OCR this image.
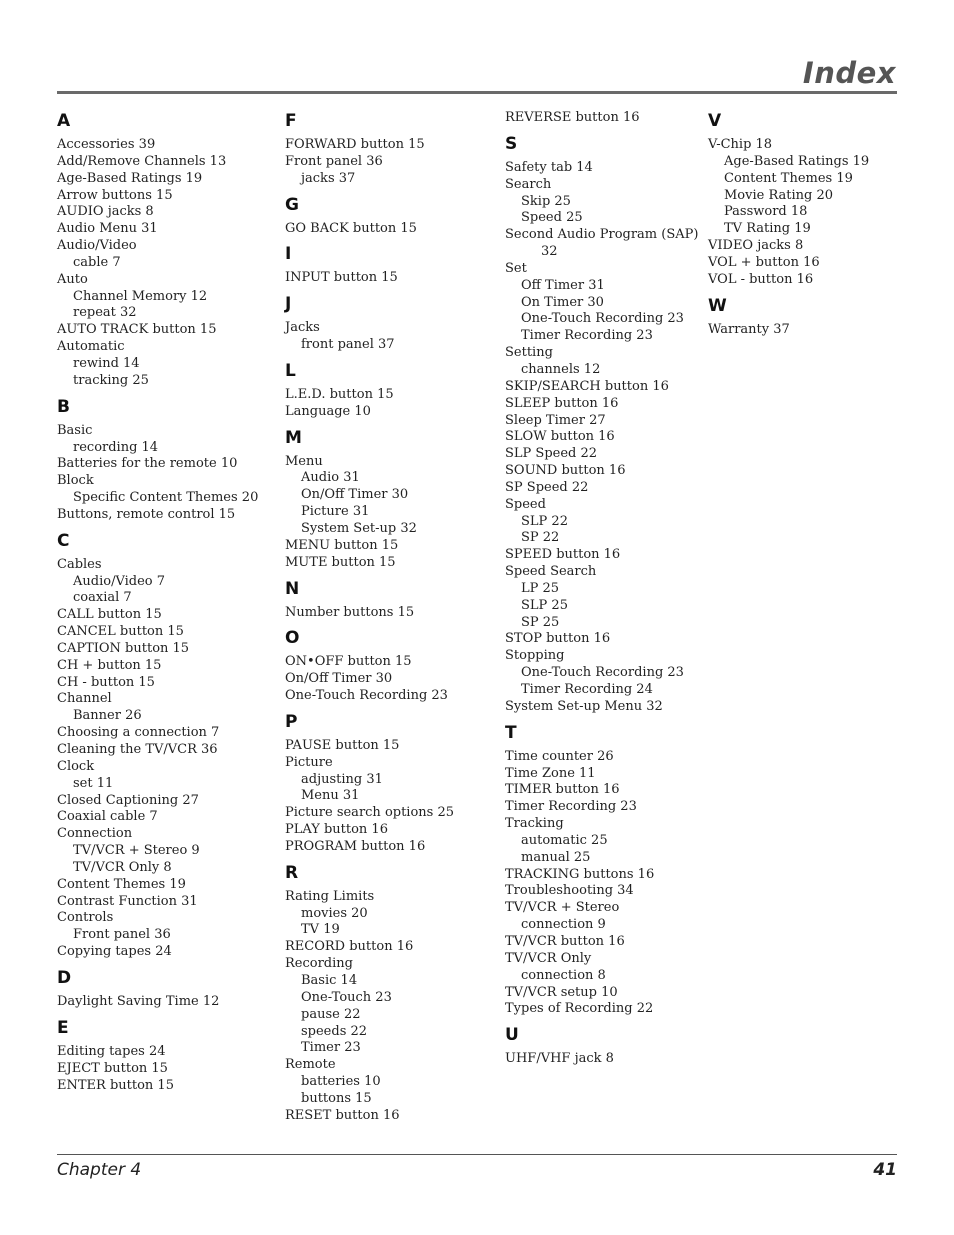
Index
A
Accessories 39
Add/Remove Channels 13
Age-Based Ratings 19
Arrow buttons 15
AUDIO jacks 8
Audio Menu 31
Audio/Video
cable 7
Auto
Channel Memory 12
repeat 32
AUTO TRACK button 15
Automatic
rewind 14
tracking 25
B
Basic
recording 14
Batteries for the remote 10
Block
Specific Content Themes 20
Buttons, remote control 15
C
Cables
Audio/Video 7
coaxial 7
CALL button 15
CANCEL button 15
CAPTION button 15
CH + button 15
CH - button 15
Channel
Banner 26
Choosing a connection 7
Cleaning the TV/VCR 36
Clock
set 11
Closed Captioning 27
Coaxial cable 7
Connection
TV/VCR + Stereo 9
TV/VCR Only 8
Content Themes 19
Contrast Function 31
Controls
Front panel 36
Copying tapes 24
D
Daylight Saving Time 12
E
Editing tapes 24
EJECT button 15
ENTER button 15
F
FORWARD button 15
Front panel 36
jacks 37
G
GO BACK button 15
I
INPUT button 15
J
Jacks
front panel 37
L
L.E.D. button 15
Language 10
M
Menu
Audio 31
On/Off Timer 30
Picture 31
System Set-up 32
MENU button 15
MUTE button 15
N
Number buttons 15
O
ON•OFF button 15
On/Off Timer 30
One-Touch Recording 23
P
PAUSE button 15
Picture
adjusting 31
Menu 31
Picture search options 25
PLAY button 16
PROGRAM button 16
R
Rating Limits
movies 20
TV 19
RECORD button 16
Recording
Basic 14
One-Touch 23
pause 22
speeds 22
Timer 23
Remote
batteries 10
buttons 15
RESET button 16
REVERSE button 16
S
Safety tab 14
Search
Skip 25
Speed 25
Second Audio Program (SAP)
32
Set
Off Timer 31
On Timer 30
One-Touch Recording 23
Timer Recording 23
Setting
channels 12
SKIP/SEARCH button 16
SLEEP button 16
Sleep Timer 27
SLOW button 16
SLP Speed 22
SOUND button 16
SP Speed 22
Speed
SLP 22
SP 22
SPEED button 16
Speed Search
LP 25
SLP 25
SP 25
STOP button 16
Stopping
One-Touch Recording 23
Timer Recording 24
System Set-up Menu 32
T
Time counter 26
Time Zone 11
TIMER button 16
Timer Recording 23
Tracking
automatic 25
manual 25
TRACKING buttons 16
Troubleshooting 34
TV/VCR + Stereo
connection 9
TV/VCR button 16
TV/VCR Only
connection 8
TV/VCR setup 10
Types of Recording 22
U
UHF/VHF jack 8
V
V-Chip 18
Age-Based Ratings 19
Content Themes 19
Movie Rating 20
Password 18
TV Rating 19
VIDEO jacks 8
VOL + button 16
VOL - button 16
W
Warranty 37
Chapter 4	41
